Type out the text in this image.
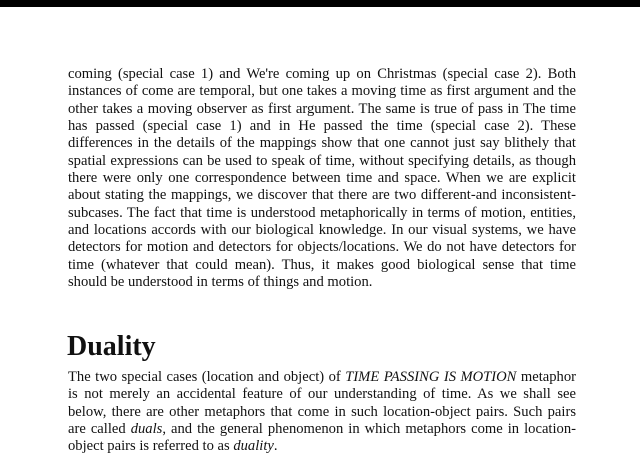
coming (special case 1) and We're coming up on Christmas (special case 2). Both instances of come are temporal, but one takes a moving time as first argument and the other takes a moving observer as first argument. The same is true of pass in The time has passed (special case 1) and in He passed the time (special case 2). These differences in the details of the mappings show that one cannot just say blithely that spatial expressions can be used to speak of time, without specifying details, as though there were only one correspondence between time and space. When we are explicit about stating the mappings, we discover that there are two different-and inconsistent-subcases. The fact that time is understood metaphorically in terms of motion, entities, and locations accords with our biological knowledge. In our visual systems, we have detectors for motion and detectors for objects/locations. We do not have detectors for time (whatever that could mean). Thus, it makes good biological sense that time should be understood in terms of things and motion.

Duality

The two special cases (location and object) of TIME PASSING IS MOTION metaphor is not merely an accidental feature of our understanding of time. As we shall see below, there are other metaphors that come in such location-object pairs. Such pairs are called duals, and the general phenomenon in which metaphors come in location-object pairs is referred to as duality.
